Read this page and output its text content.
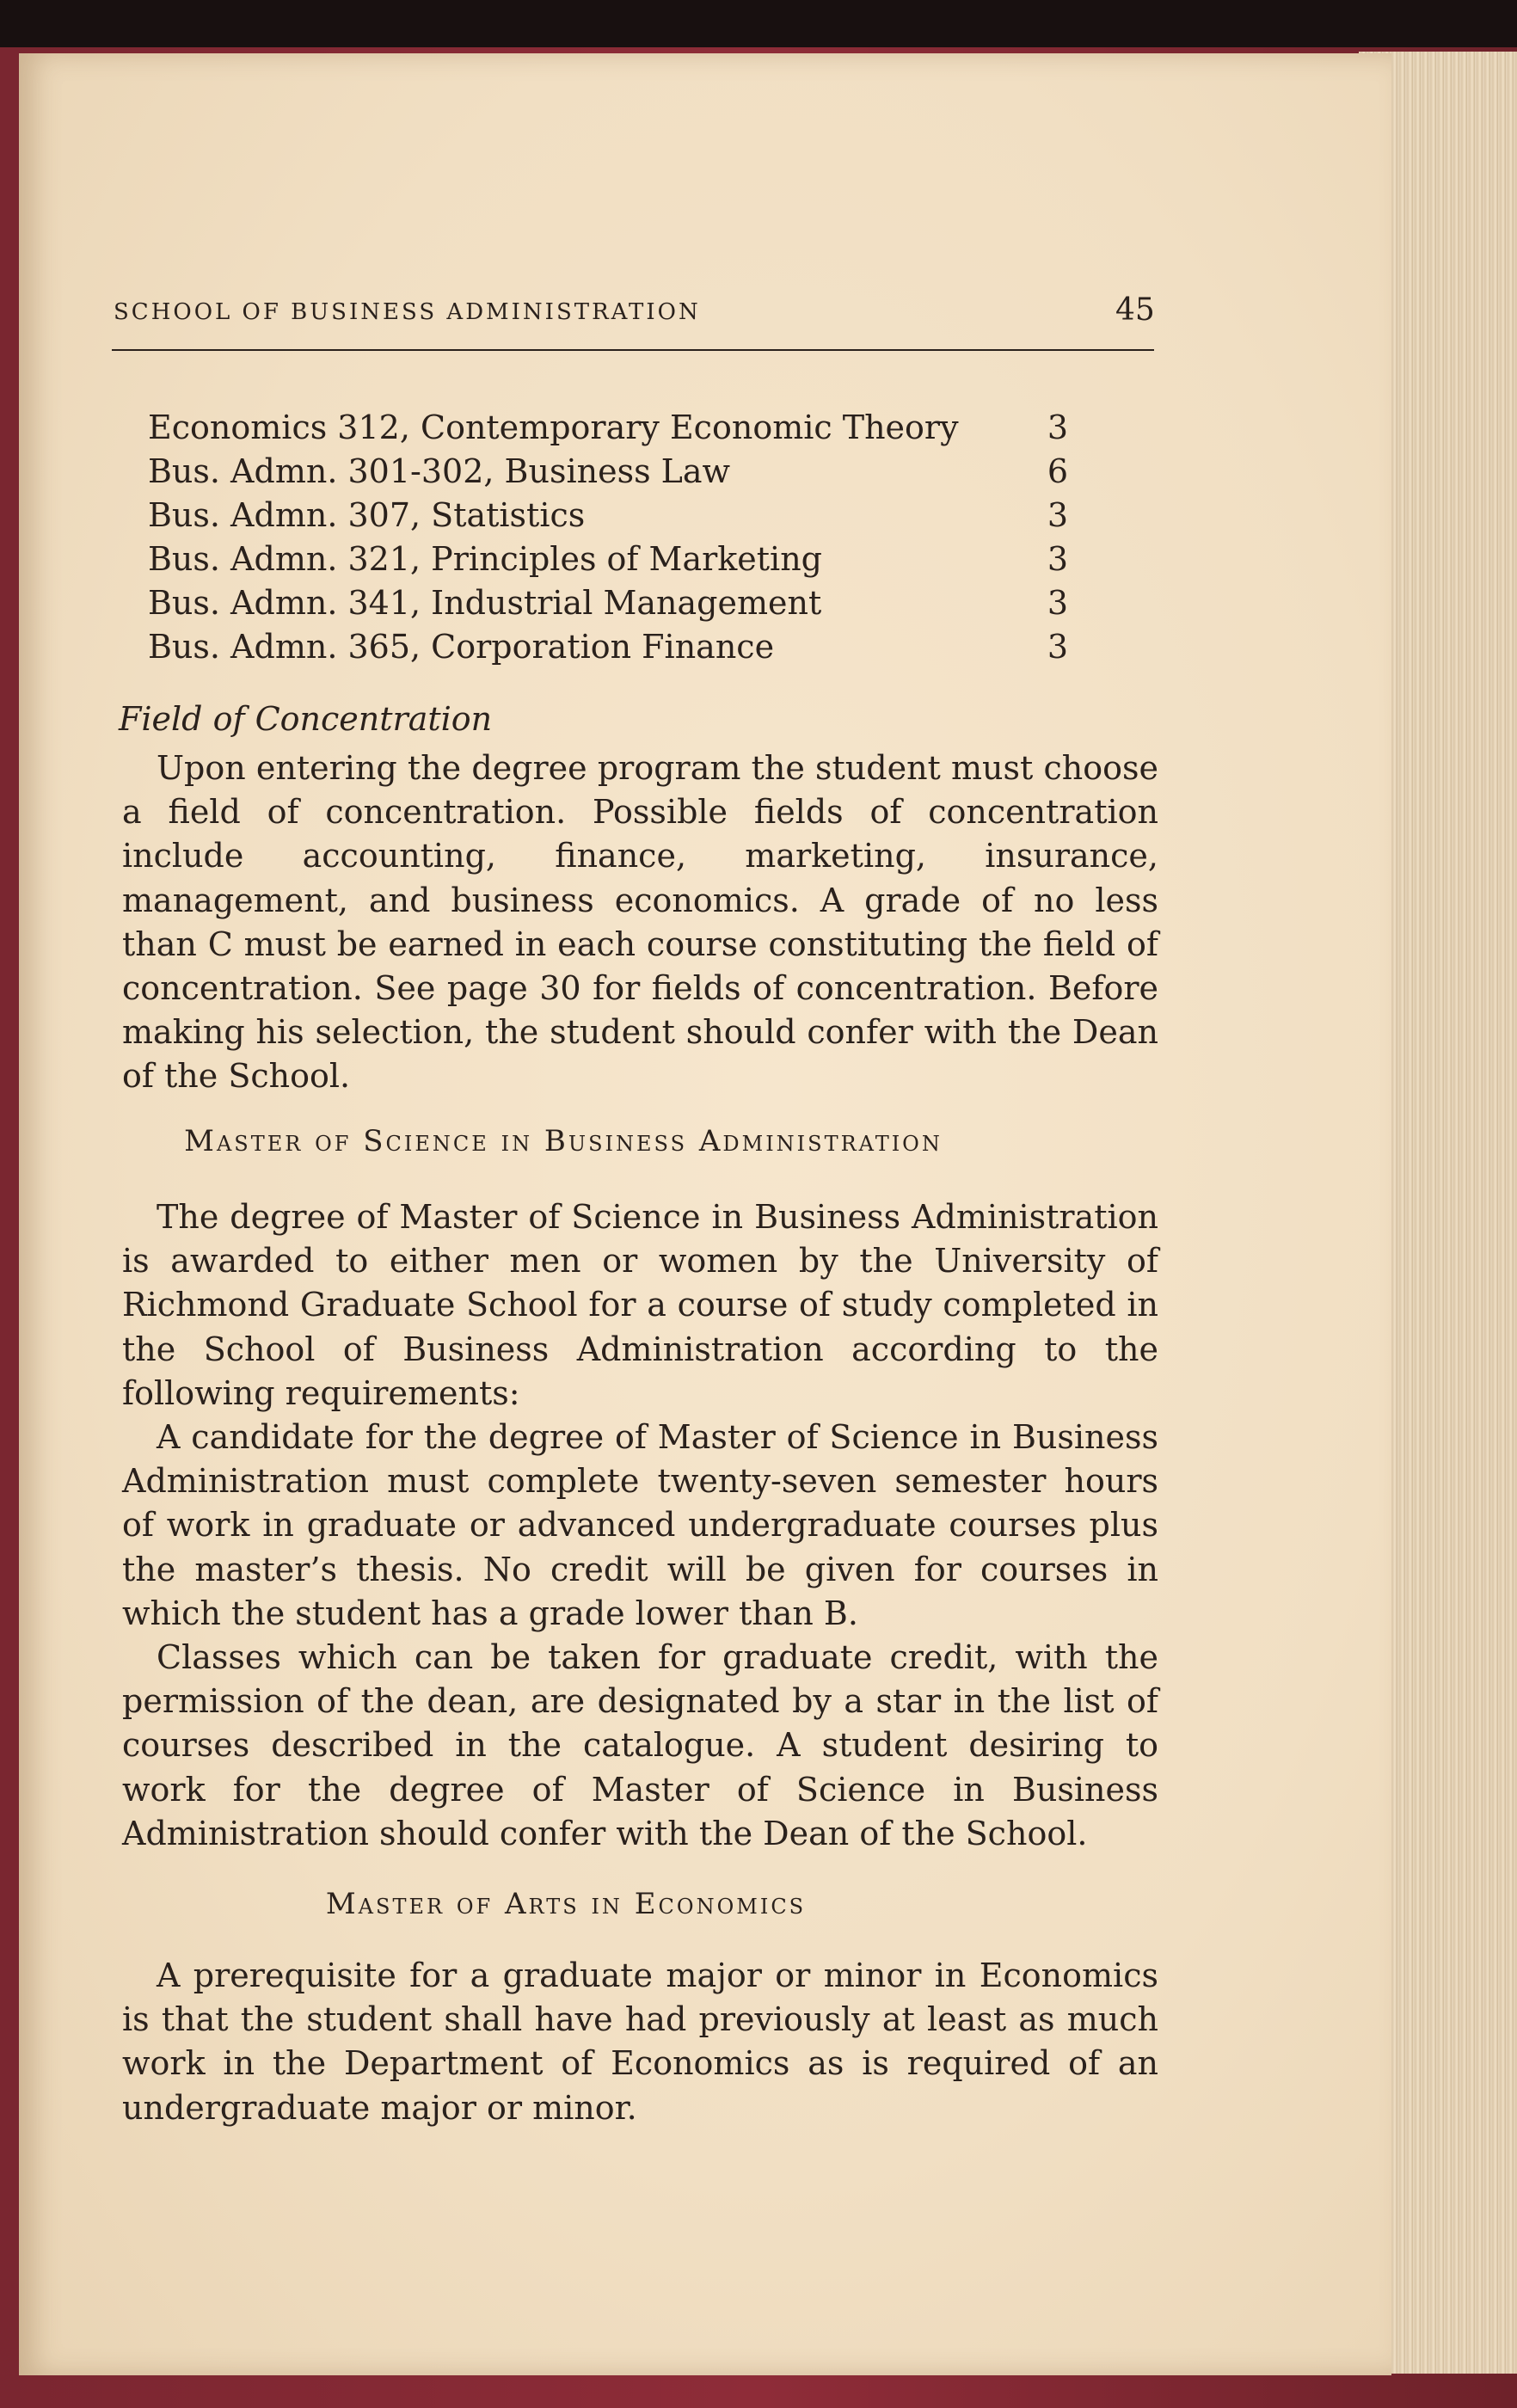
SCHOOL OF BUSINESS ADMINISTRATION	45
Economics 312, Contemporary Economic Theory	3
Bus. Admn. 301-302, Business Law	6
Bus. Admn. 307, Statistics	3
Bus. Admn. 321, Principles of Marketing	3
Bus. Admn. 341, Industrial Management	3
Bus. Admn. 365, Corporation Finance	3
Field of Concentration

Upon entering the degree program the student must choose a field of concentration. Possible fields of concentration include accounting, finance, marketing, insurance, management, and business economics. A grade of no less than C must be earned in each course constituting the field of concentration. See page 30 for fields of concentration. Before making his selection, the student should confer with the Dean of the School.

Master of Science in Business Administration

The degree of Master of Science in Business Administration is awarded to either men or women by the University of Richmond Graduate School for a course of study completed in the School of Business Administration according to the following requirements:

A candidate for the degree of Master of Science in Business Administration must complete twenty-seven semester hours of work in graduate or advanced undergraduate courses plus the master’s thesis. No credit will be given for courses in which the student has a grade lower than B.

Classes which can be taken for graduate credit, with the permission of the dean, are designated by a star in the list of courses described in the catalogue. A student desiring to work for the degree of Master of Science in Business Administration should confer with the Dean of the School.

Master of Arts in Economics

A prerequisite for a graduate major or minor in Economics is that the student shall have had previously at least as much work in the Department of Economics as is required of an undergraduate major or minor.
